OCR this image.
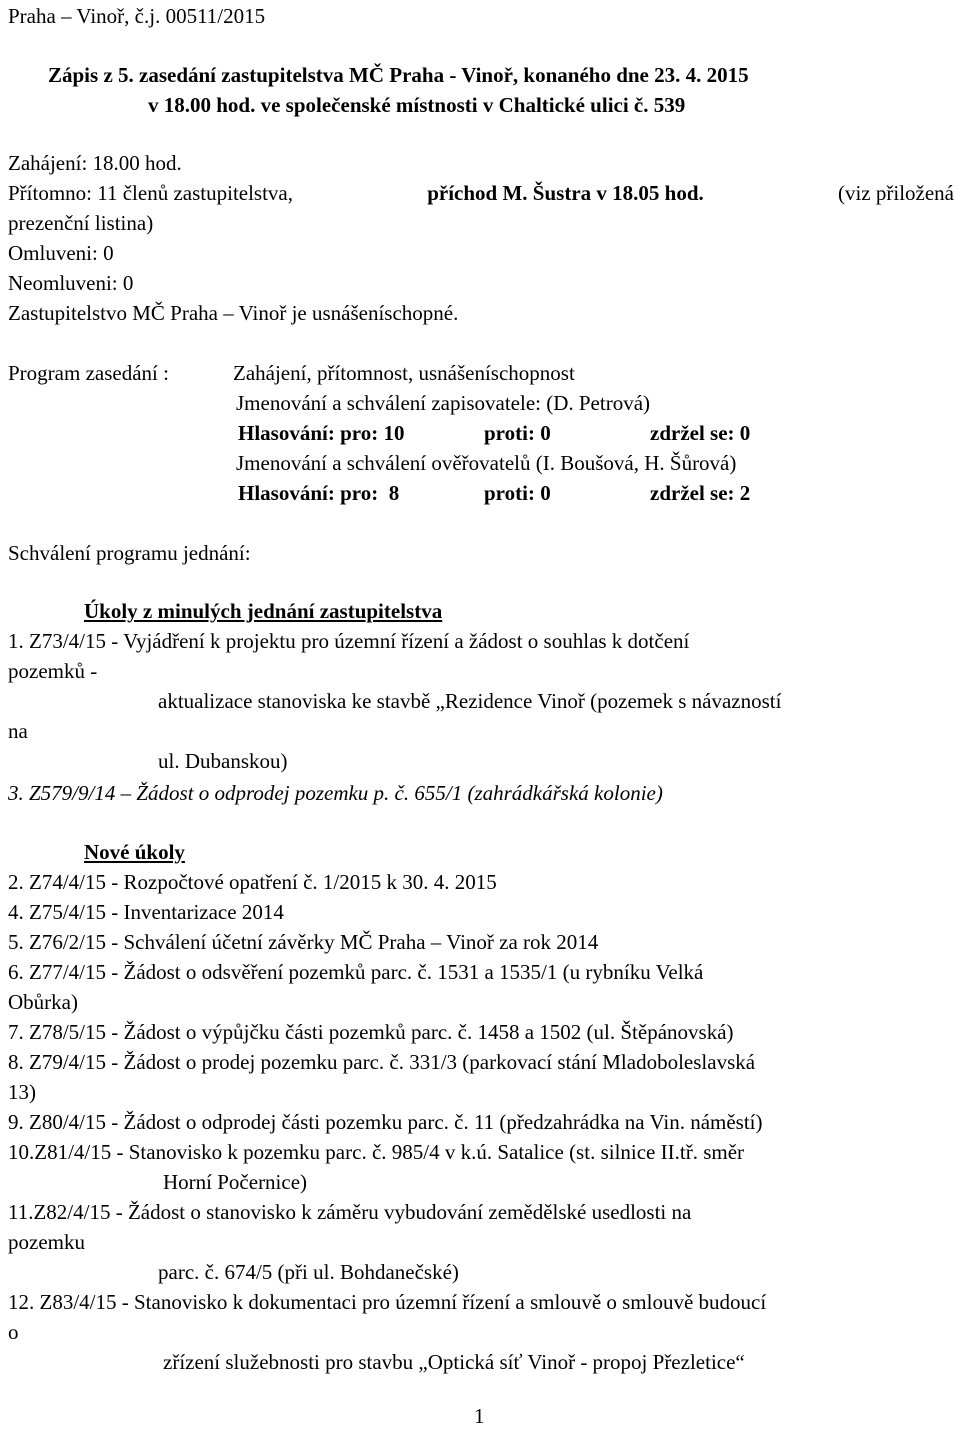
Praha – Vinoř, č.j. 00511/2015
Zápis z 5. zasedání zastupitelstva MČ Praha - Vinoř, konaného dne 23. 4. 2015
v 18.00 hod. ve společenské místnosti v Chaltické ulici č. 539
Zahájení: 18.00 hod.
Přítomno: 11 členů zastupitelstva,	příchod M. Šustra v 18.05 hod.	(viz přiložená
prezenční listina)
Omluveni: 0
Neomluveni: 0
Zastupitelstvo MČ Praha – Vinoř je usnášeníschopné.
Program zasedání :	Zahájení, přítomnost, usnášeníschopnost
Jmenování a schválení zapisovatele: (D. Petrová)
Hlasování: pro: 10	proti: 0	zdržel se: 0
Jmenování a schválení ověřovatelů (I. Boušová, H. Šůrová)
Hlasování: pro:  8	proti: 0	zdržel se: 2
Schválení programu jednání:
Úkoly z minulých jednání zastupitelstva
1. Z73/4/15 - Vyjádření k projektu pro územní řízení a žádost o souhlas k dotčení
pozemků -
aktualizace stanoviska ke stavbě „Rezidence Vinoř (pozemek s návazností
na
ul. Dubanskou)
3. Z579/9/14 – Žádost o odprodej pozemku p. č. 655/1 (zahrádkářská kolonie)
Nové úkoly
2. Z74/4/15 - Rozpočtové opatření č. 1/2015 k 30. 4. 2015
4. Z75/4/15 - Inventarizace 2014
5. Z76/2/15 - Schválení účetní závěrky MČ Praha – Vinoř za rok 2014
6. Z77/4/15 - Žádost o odsvěření pozemků parc. č. 1531 a 1535/1 (u rybníku Velká
Obůrka)
7. Z78/5/15 - Žádost o výpůjčku části pozemků parc. č. 1458 a 1502 (ul. Štěpánovská)
8. Z79/4/15 - Žádost o prodej pozemku parc. č. 331/3 (parkovací stání Mladoboleslavská
13)
9. Z80/4/15 - Žádost o odprodej části pozemku parc. č. 11 (předzahrádka na Vin. náměstí)
10.Z81/4/15 - Stanovisko k pozemku parc. č. 985/4 v k.ú. Satalice (st. silnice II.tř. směr
Horní Počernice)
11.Z82/4/15 - Žádost o stanovisko k záměru vybudování zemědělské usedlosti na
pozemku
parc. č. 674/5 (při ul. Bohdanečské)
12. Z83/4/15 - Stanovisko k dokumentaci pro územní řízení a smlouvě o smlouvě budoucí
o
zřízení služebnosti pro stavbu „Optická síť Vinoř - propoj Přezletice“
1
